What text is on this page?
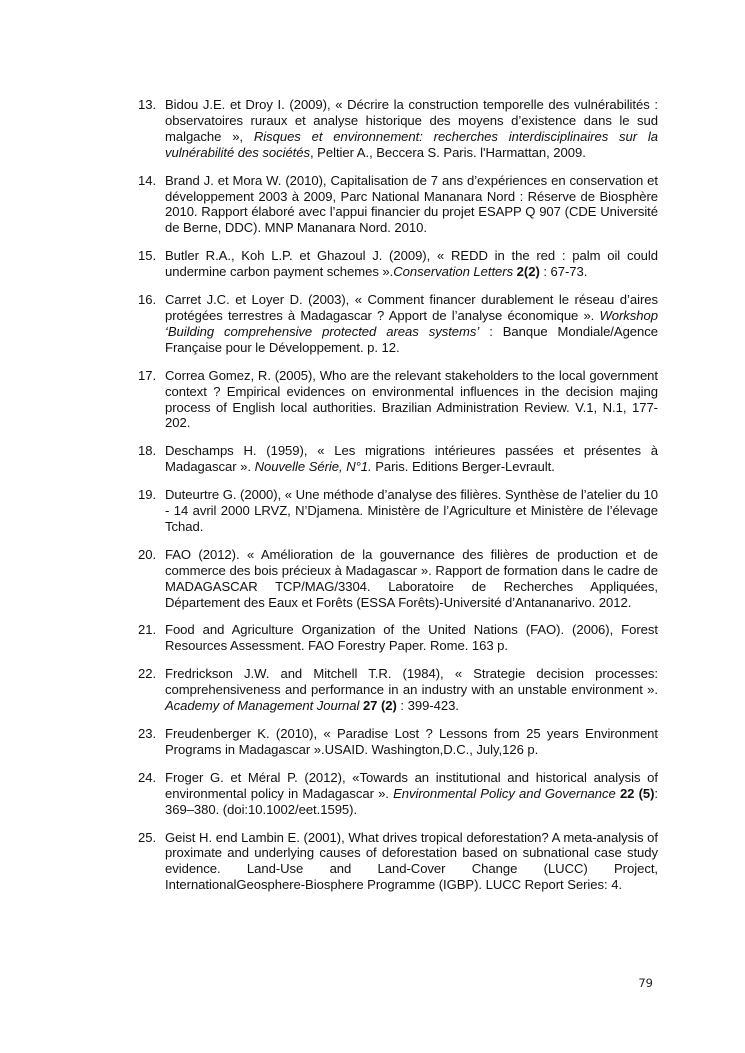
13. Bidou J.E. et Droy I. (2009), « Décrire la construction temporelle des vulnérabilités : observatoires ruraux et analyse historique des moyens d’existence dans le sud malgache », Risques et environnement: recherches interdisciplinaires sur la vulnérabilité des sociétés, Peltier A., Beccera S. Paris. l'Harmattan, 2009.
14. Brand J. et Mora W. (2010), Capitalisation de 7 ans d’expériences en conservation et développement 2003 à 2009, Parc National Mananara Nord : Réserve de Biosphère 2010. Rapport élaboré avec l’appui financier du projet ESAPP Q 907 (CDE Université de Berne, DDC). MNP Mananara Nord. 2010.
15. Butler R.A., Koh L.P. et Ghazoul J. (2009), « REDD in the red : palm oil could undermine carbon payment schemes ».Conservation Letters 2(2) : 67-73.
16. Carret J.C. et Loyer D. (2003), « Comment financer durablement le réseau d’aires protégées terrestres à Madagascar ? Apport de l’analyse économique ». Workshop ‘Building comprehensive protected areas systems’ : Banque Mondiale/Agence Française pour le Développement. p. 12.
17. Correa Gomez, R. (2005), Who are the relevant stakeholders to the local government context ? Empirical evidences on environmental influences in the decision majing process of English local authorities. Brazilian Administration Review. V.1, N.1, 177-202.
18. Deschamps H. (1959), « Les migrations intérieures passées et présentes à Madagascar ». Nouvelle Série, N°1. Paris. Editions Berger-Levrault.
19. Duteurtre G. (2000), « Une méthode d’analyse des filières. Synthèse de l’atelier du 10 - 14 avril 2000 LRVZ, N’Djamena. Ministère de l’Agriculture et Ministère de l’élevage Tchad.
20. FAO (2012). « Amélioration de la gouvernance des filières de production et de commerce des bois précieux à Madagascar ». Rapport de formation dans le cadre de MADAGASCAR TCP/MAG/3304. Laboratoire de Recherches Appliquées, Département des Eaux et Forêts (ESSA Forêts)-Université d’Antananarivo. 2012.
21. Food and Agriculture Organization of the United Nations (FAO). (2006), Forest Resources Assessment. FAO Forestry Paper. Rome. 163 p.
22. Fredrickson J.W. and Mitchell T.R. (1984), « Strategie decision processes: comprehensiveness and performance in an industry with an unstable environment ». Academy of Management Journal 27 (2) : 399-423.
23. Freudenberger K. (2010), « Paradise Lost ? Lessons from 25 years Environment Programs in Madagascar ».USAID. Washington,D.C., July,126 p.
24. Froger G. et Méral P. (2012), «Towards an institutional and historical analysis of environmental policy in Madagascar ». Environmental Policy and Governance 22 (5): 369–380. (doi:10.1002/eet.1595).
25. Geist H. end Lambin E. (2001), What drives tropical deforestation? A meta-analysis of proximate and underlying causes of deforestation based on subnational case study evidence. Land-Use and Land-Cover Change (LUCC) Project, InternationalGeosphere-Biosphere Programme (IGBP). LUCC Report Series: 4.
79
